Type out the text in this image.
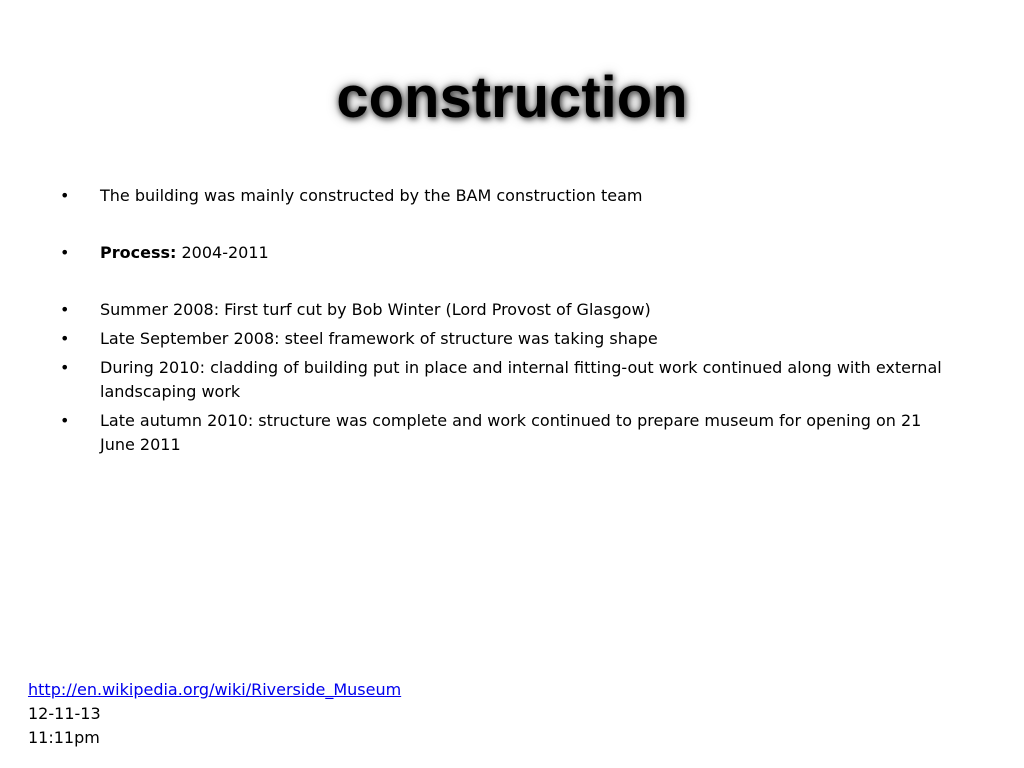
construction
•	The building was mainly constructed by the BAM construction team
•	Process: 2004-2011
•	Summer 2008: First turf cut by Bob Winter (Lord Provost of Glasgow)
•	Late September 2008: steel framework of structure was taking shape
•	During 2010: cladding of building put in place and internal fitting-out work continued along with external landscaping work
•	Late autumn 2010: structure was complete and work continued to prepare museum for opening on 21 June 2011
http://en.wikipedia.org/wiki/Riverside_Museum
12-11-13
11:11pm
